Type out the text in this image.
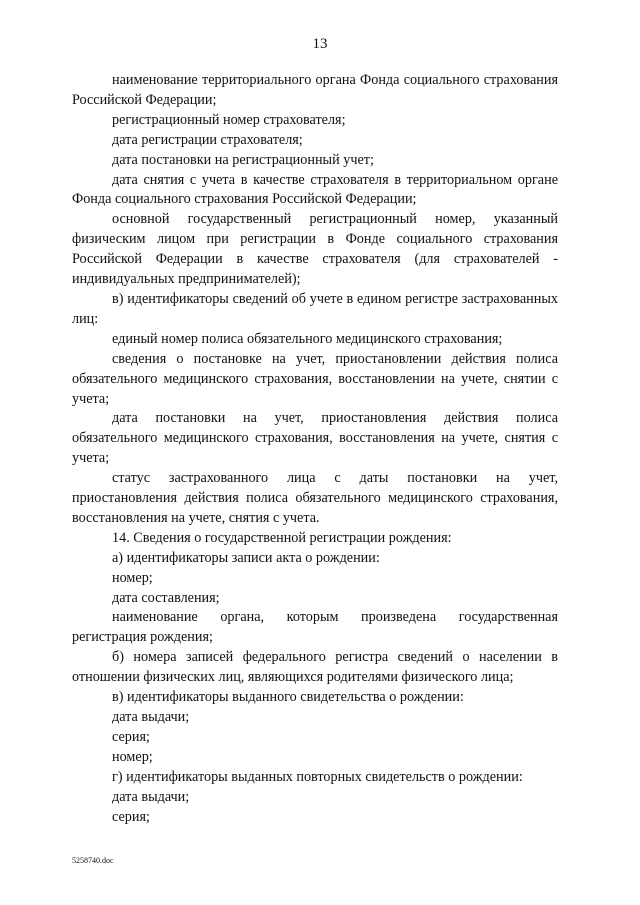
13

наименование территориального органа Фонда социального страхования Российской Федерации;

регистрационный номер страхователя;

дата регистрации страхователя;

дата постановки на регистрационный учет;

дата снятия с учета в качестве страхователя в территориальном органе Фонда социального страхования Российской Федерации;

основной государственный регистрационный номер, указанный физическим лицом при регистрации в Фонде социального страхования Российской Федерации в качестве страхователя (для страхователей - индивидуальных предпринимателей);

в) идентификаторы сведений об учете в едином регистре застрахованных лиц:

единый номер полиса обязательного медицинского страхования;

сведения о постановке на учет, приостановлении действия полиса обязательного медицинского страхования, восстановлении на учете, снятии с учета;

дата постановки на учет, приостановления действия полиса обязательного медицинского страхования, восстановления на учете, снятия с учета;

статус застрахованного лица с даты постановки на учет, приостановления действия полиса обязательного медицинского страхования, восстановления на учете, снятия с учета.

14. Сведения о государственной регистрации рождения:

а) идентификаторы записи акта о рождении:

номер;

дата составления;

наименование органа, которым произведена государственная регистрация рождения;

б) номера записей федерального регистра сведений о населении в отношении физических лиц, являющихся родителями физического лица;

в) идентификаторы выданного свидетельства о рождении:

дата выдачи;

серия;

номер;

г) идентификаторы выданных повторных свидетельств о рождении:

дата выдачи;

серия;

5258740.doc
